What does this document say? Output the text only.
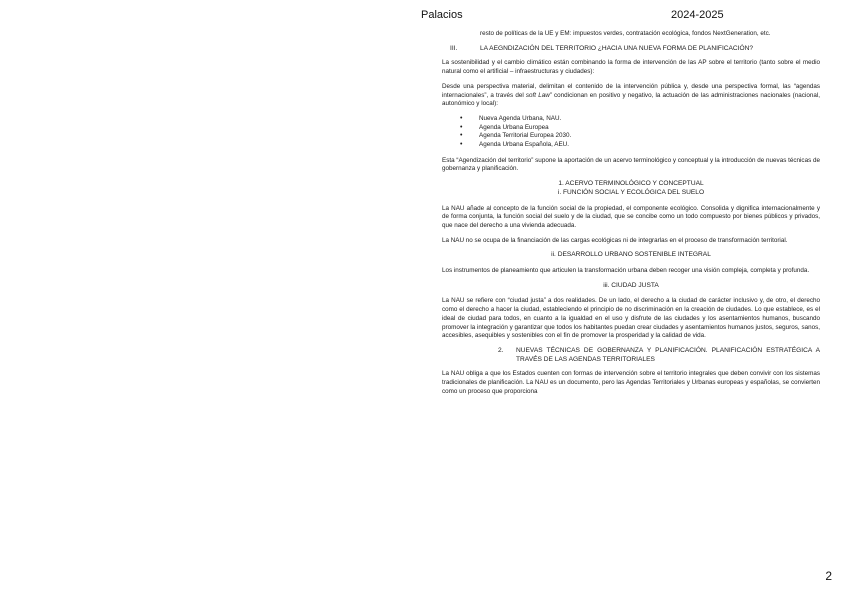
Palacios	2024-2025

resto de políticas de la UE y EM: impuestos verdes, contratación ecológica, fondos NextGeneration, etc.

III.	LA AEGNDIZACIÓN DEL TERRITORIO ¿HACIA UNA NUEVA FORMA DE PLANIFICACIÓN?

La sostenibilidad y el cambio climático están combinando la forma de intervención de las AP sobre el territorio (tanto sobre el medio natural como el artificial – infraestructuras y ciudades):

Desde una perspectiva material, delimitan el contenido de la intervención pública y, desde una perspectiva formal, las “agendas internacionales”, a través del soft Law” condicionan en positivo y negativo, la actuación de las administraciones nacionales (nacional, autonómico y local):

• Nueva Agenda Urbana, NAU.
• Agenda Urbana Europea
• Agenda Territorial Europea 2030.
• Agenda Urbana Española, AEU.

Esta “Agendización del territorio” supone la aportación de un acervo terminológico y conceptual y la introducción de nuevas técnicas de gobernanza y planificación.

1. ACERVO TERMINOLÓGICO Y CONCEPTUAL

i. FUNCIÓN SOCIAL Y ECOLÓGICA DEL SUELO

La NAU añade al concepto de la función social de la propiedad, el componente ecológico. Consolida y dignifica internacionalmente y de forma conjunta, la función social del suelo y de la ciudad, que se concibe como un todo compuesto por bienes públicos y privados, que nace del derecho a una vivienda adecuada.

La NAU no se ocupa de la financiación de las cargas ecológicas ni de integrarlas en el proceso de transformación territorial.

ii. DESARROLLO URBANO SOSTENIBLE INTEGRAL

Los instrumentos de planeamiento que articulen la transformación urbana deben recoger una visión compleja, completa y profunda.

iii. CIUDAD JUSTA

La NAU se refiere con “ciudad justa” a dos realidades. De un lado, el derecho a la ciudad de carácter inclusivo y, de otro, el derecho como el derecho a hacer la ciudad, estableciendo el principio de no discriminación en la creación de ciudades. Lo que establece, es el ideal de ciudad para todos, en cuanto a la igualdad en el uso y disfrute de las ciudades y los asentamientos humanos, buscando promover la integración y garantizar que todos los habitantes puedan crear ciudades y asentamientos humanos justos, seguros, sanos, accesibles, asequibles y sostenibles con el fin de promover la prosperidad y la calidad de vida.

2.	NUEVAS TÉCNICAS DE GOBERNANZA Y PLANIFICACIÓN. PLANIFICACIÓN ESTRATÉGICA A TRAVÉS DE LAS AGENDAS TERRITORIALES

La NAU obliga a que los Estados cuenten con formas de intervención sobre el territorio integrales que deben convivir con los sistemas tradicionales de planificación. La NAU es un documento, pero las Agendas Territoriales y Urbanas europeas y españolas, se convierten como un proceso que proporciona

2
